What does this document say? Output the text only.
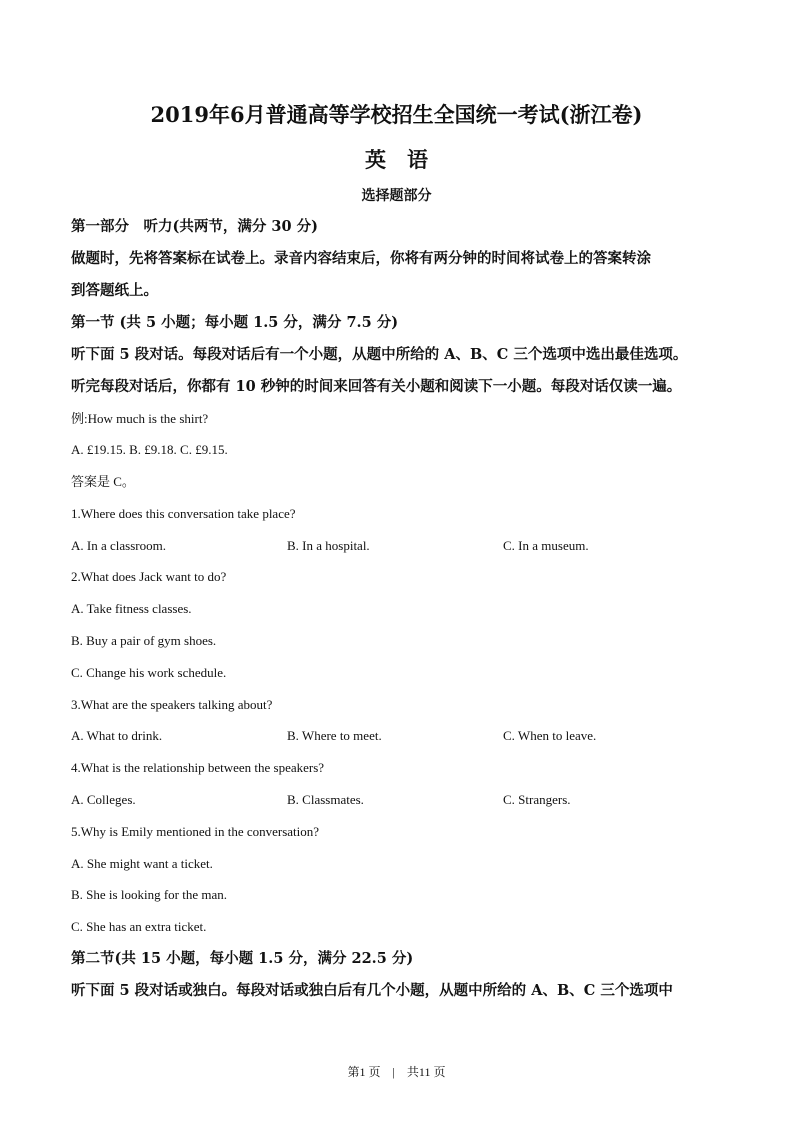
2019年6月普通高等学校招生全国统一考试(浙江卷)
英　语
选择题部分
第一部分　听力(共两节，满分 30 分)
做题时，先将答案标在试卷上。录音内容结束后，你将有两分钟的时间将试卷上的答案转涂
到答题纸上。
第一节 (共 5 小题；每小题 1.5 分，满分 7.5 分)
听下面 5 段对话。每段对话后有一个小题，从题中所给的 A、B、C 三个选项中选出最佳选项。
听完每段对话后，你都有 10 秒钟的时间来回答有关小题和阅读下一小题。每段对话仅读一遍。
例:How much is the shirt?
A. £19.15. B. £9.18. C. £9.15.
答案是 C。
1.Where does this conversation take place?
A. In a classroom.	B. In a hospital.	C. In a museum.
2.What does Jack want to do?
A. Take fitness classes.
B. Buy a pair of gym shoes.
C. Change his work schedule.
3.What are the speakers talking about?
A. What to drink.	B. Where to meet.	C. When to leave.
4.What is the relationship between the speakers?
A. Colleges.	B. Classmates.	C. Strangers.
5.Why is Emily mentioned in the conversation?
A. She might want a ticket.
B. She is looking for the man.
C. She has an extra ticket.
第二节(共 15 小题，每小题 1.5 分，满分 22.5 分)
听下面 5 段对话或独白。每段对话或独白后有几个小题，从题中所给的 A、B、C 三个选项中
第1 页　|　共11 页
